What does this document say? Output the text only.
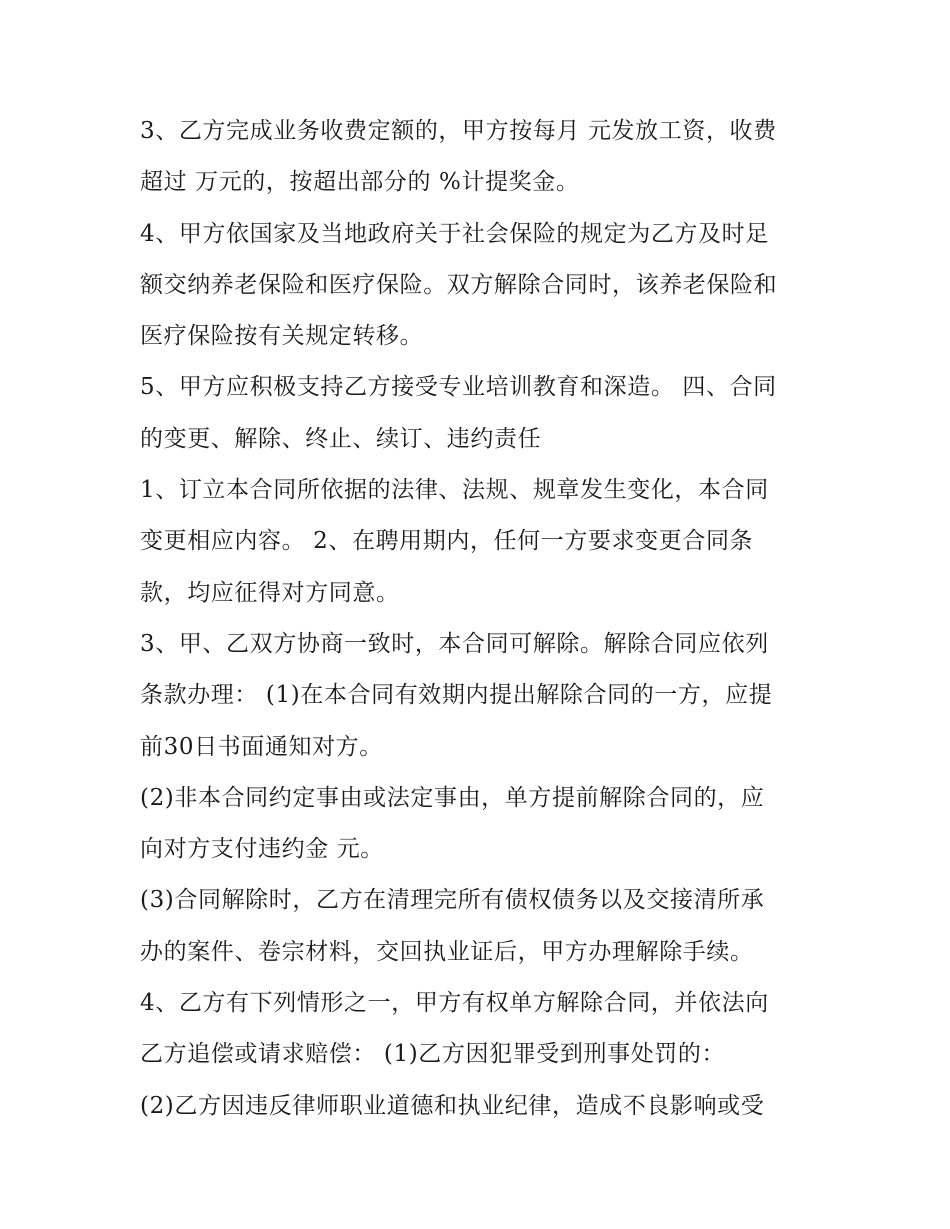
3、乙方完成业务收费定额的，甲方按每月 元发放工资，收费
超过 万元的，按超出部分的 %计提奖金。
4、甲方依国家及当地政府关于社会保险的规定为乙方及时足
额交纳养老保险和医疗保险。双方解除合同时，该养老保险和
医疗保险按有关规定转移。
5、甲方应积极支持乙方接受专业培训教育和深造。 四、合同
的变更、解除、终止、续订、违约责任
1、订立本合同所依据的法律、法规、规章发生变化，本合同
变更相应内容。 2、在聘用期内，任何一方要求变更合同条
款，均应征得对方同意。
3、甲、乙双方协商一致时，本合同可解除。解除合同应依列
条款办理： (1)在本合同有效期内提出解除合同的一方，应提
前30日书面通知对方。
(2)非本合同约定事由或法定事由，单方提前解除合同的，应
向对方支付违约金 元。
(3)合同解除时，乙方在清理完所有债权债务以及交接清所承
办的案件、卷宗材料，交回执业证后，甲方办理解除手续。
4、乙方有下列情形之一，甲方有权单方解除合同，并依法向
乙方追偿或请求赔偿： (1)乙方因犯罪受到刑事处罚的：
(2)乙方因违反律师职业道德和执业纪律，造成不良影响或受
